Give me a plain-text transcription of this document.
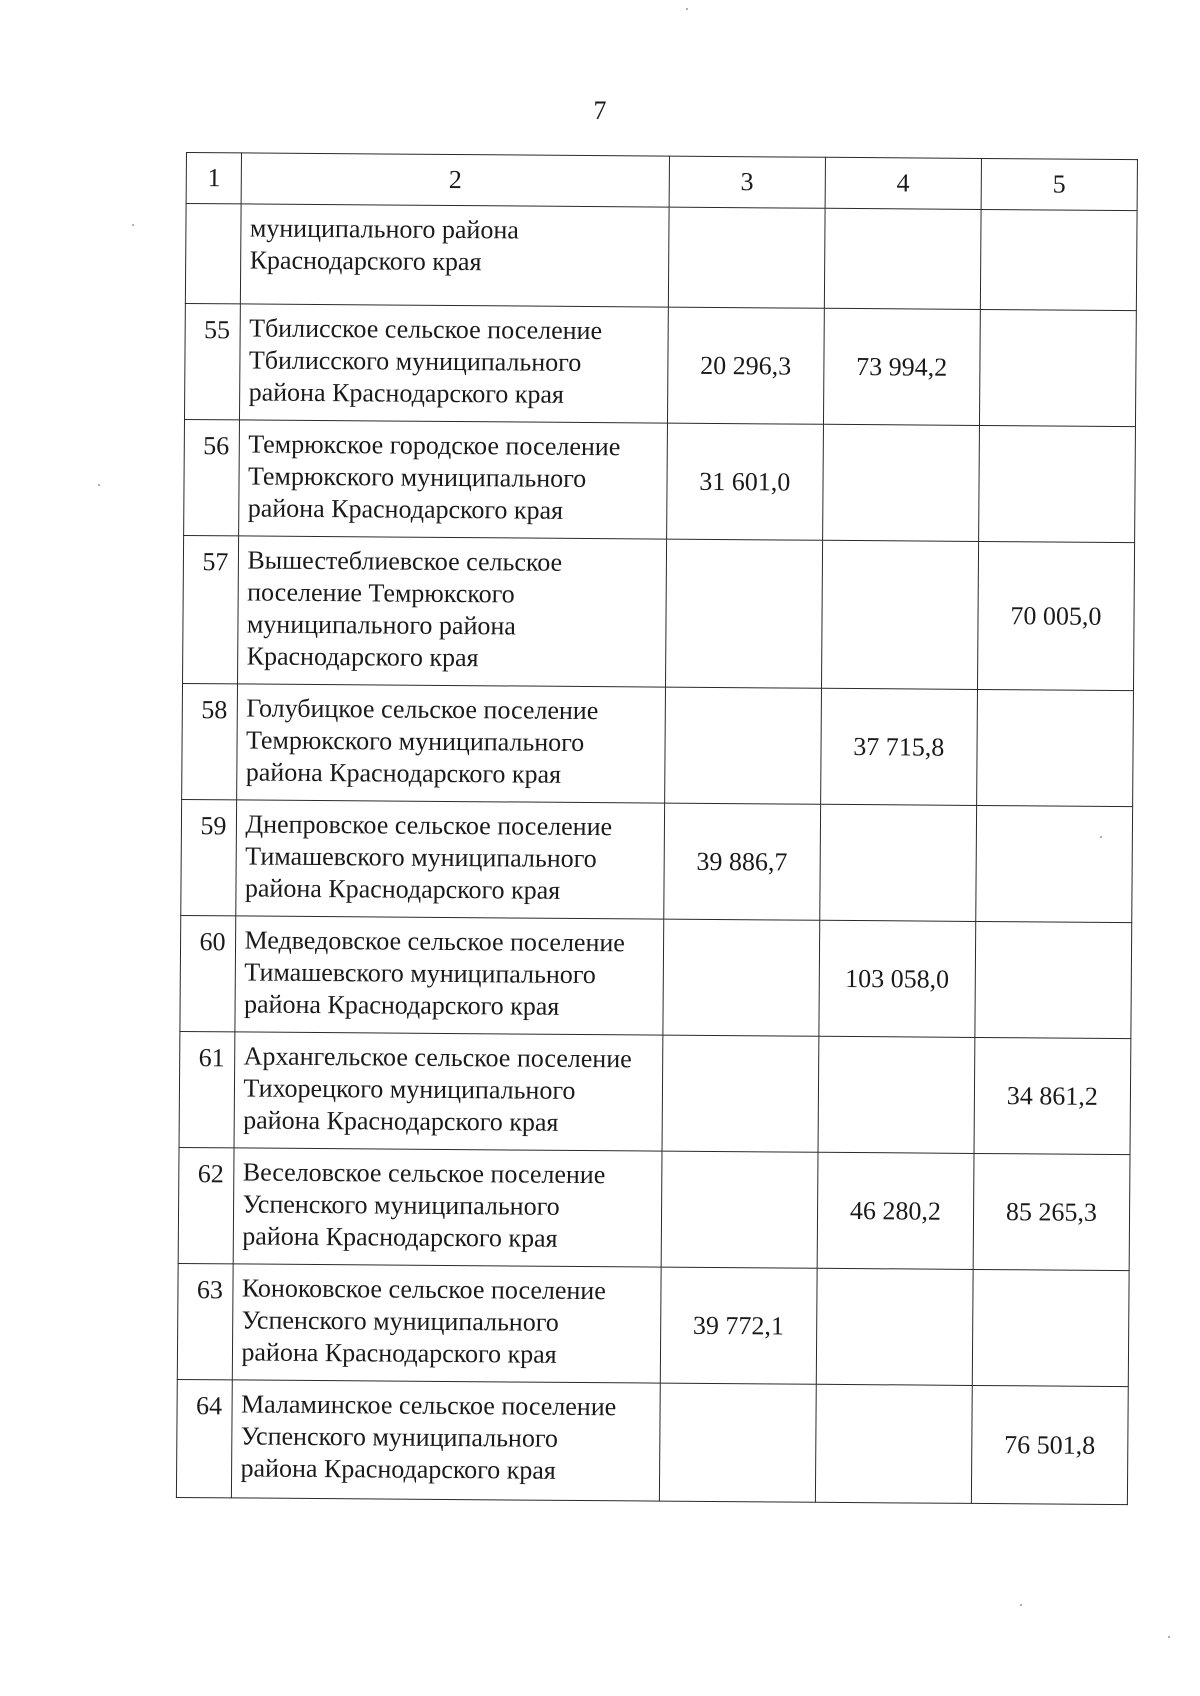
7
1	2	3	4	5
	муниципального района
Краснодарского края			
55	Тбилисское сельское поселение
Тбилисского муниципального
района Краснодарского края	20 296,3	73 994,2	
56	Темрюкское городское поселение
Темрюкского муниципального
района Краснодарского края	31 601,0		
57	Вышестеблиевское сельское
поселение Темрюкского
муниципального района
Краснодарского края			70 005,0
58	Голубицкое сельское поселение
Темрюкского муниципального
района Краснодарского края		37 715,8	
59	Днепровское сельское поселение
Тимашевского муниципального
района Краснодарского края	39 886,7		
60	Медведовское сельское поселение
Тимашевского муниципального
района Краснодарского края		103 058,0	
61	Архангельское сельское поселение
Тихорецкого муниципального
района Краснодарского края			34 861,2
62	Веселовское сельское поселение
Успенского муниципального
района Краснодарского края		46 280,2	85 265,3
63	Коноковское сельское поселение
Успенского муниципального
района Краснодарского края	39 772,1		
64	Маламинское сельское поселение
Успенского муниципального
района Краснодарского края			76 501,8
